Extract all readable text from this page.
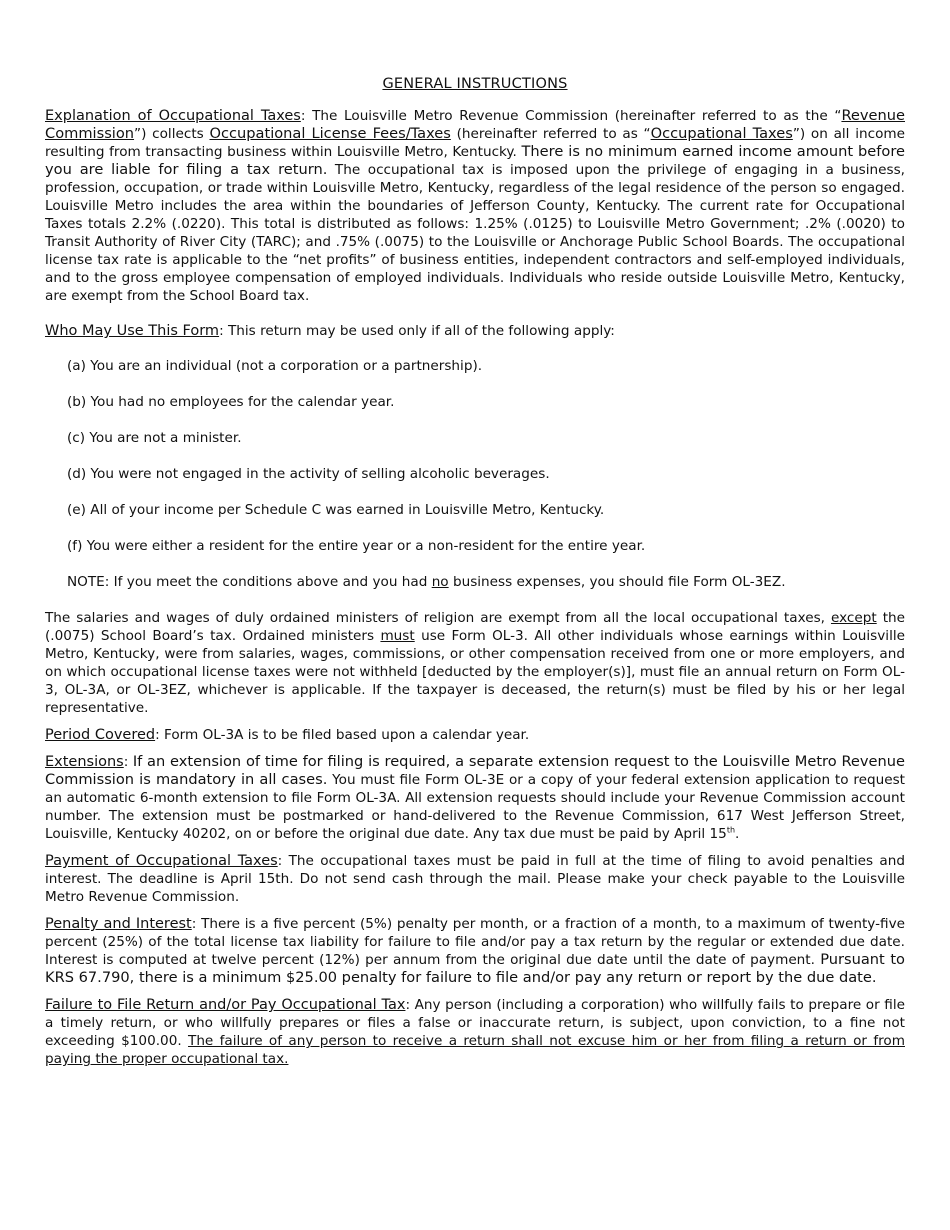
GENERAL INSTRUCTIONS

Explanation of Occupational Taxes: The Louisville Metro Revenue Commission (hereinafter referred to as the “Revenue Commission”) collects Occupational License Fees/Taxes (hereinafter referred to as “Occupational Taxes”) on all income resulting from transacting business within Louisville Metro, Kentucky. There is no minimum earned income amount before you are liable for filing a tax return. The occupational tax is imposed upon the privilege of engaging in a business, profession, occupation, or trade within Louisville Metro, Kentucky, regardless of the legal residence of the person so engaged. Louisville Metro includes the area within the boundaries of Jefferson County, Kentucky. The current rate for Occupational Taxes totals 2.2% (.0220). This total is distributed as follows: 1.25% (.0125) to Louisville Metro Government; .2% (.0020) to Transit Authority of River City (TARC); and .75% (.0075) to the Louisville or Anchorage Public School Boards. The occupational license tax rate is applicable to the “net profits” of business entities, independent contractors and self-employed individuals, and to the gross employee compensation of employed individuals. Individuals who reside outside Louisville Metro, Kentucky, are exempt from the School Board tax.

Who May Use This Form: This return may be used only if all of the following apply:

(a) You are an individual (not a corporation or a partnership).
(b) You had no employees for the calendar year.
(c) You are not a minister.
(d) You were not engaged in the activity of selling alcoholic beverages.
(e) All of your income per Schedule C was earned in Louisville Metro, Kentucky.
(f) You were either a resident for the entire year or a non-resident for the entire year.
NOTE: If you meet the conditions above and you had no business expenses, you should file Form OL-3EZ.

The salaries and wages of duly ordained ministers of religion are exempt from all the local occupational taxes, except the (.0075) School Board’s tax. Ordained ministers must use Form OL-3. All other individuals whose earnings within Louisville Metro, Kentucky, were from salaries, wages, commissions, or other compensation received from one or more employers, and on which occupational license taxes were not withheld [deducted by the employer(s)], must file an annual return on Form OL-3, OL-3A, or OL-3EZ, whichever is applicable. If the taxpayer is deceased, the return(s) must be filed by his or her legal representative.

Period Covered: Form OL-3A is to be filed based upon a calendar year.

Extensions: If an extension of time for filing is required, a separate extension request to the Louisville Metro Revenue Commission is mandatory in all cases. You must file Form OL-3E or a copy of your federal extension application to request an automatic 6-month extension to file Form OL-3A. All extension requests should include your Revenue Commission account number. The extension must be postmarked or hand-delivered to the Revenue Commission, 617 West Jefferson Street, Louisville, Kentucky 40202, on or before the original due date. Any tax due must be paid by April 15th.

Payment of Occupational Taxes: The occupational taxes must be paid in full at the time of filing to avoid penalties and interest. The deadline is April 15th. Do not send cash through the mail. Please make your check payable to the Louisville Metro Revenue Commission.

Penalty and Interest: There is a five percent (5%) penalty per month, or a fraction of a month, to a maximum of twenty-five percent (25%) of the total license tax liability for failure to file and/or pay a tax return by the regular or extended due date. Interest is computed at twelve percent (12%) per annum from the original due date until the date of payment. Pursuant to KRS 67.790, there is a minimum $25.00 penalty for failure to file and/or pay any return or report by the due date.

Failure to File Return and/or Pay Occupational Tax: Any person (including a corporation) who willfully fails to prepare or file a timely return, or who willfully prepares or files a false or inaccurate return, is subject, upon conviction, to a fine not exceeding $100.00. The failure of any person to receive a return shall not excuse him or her from filing a return or from paying the proper occupational tax.
